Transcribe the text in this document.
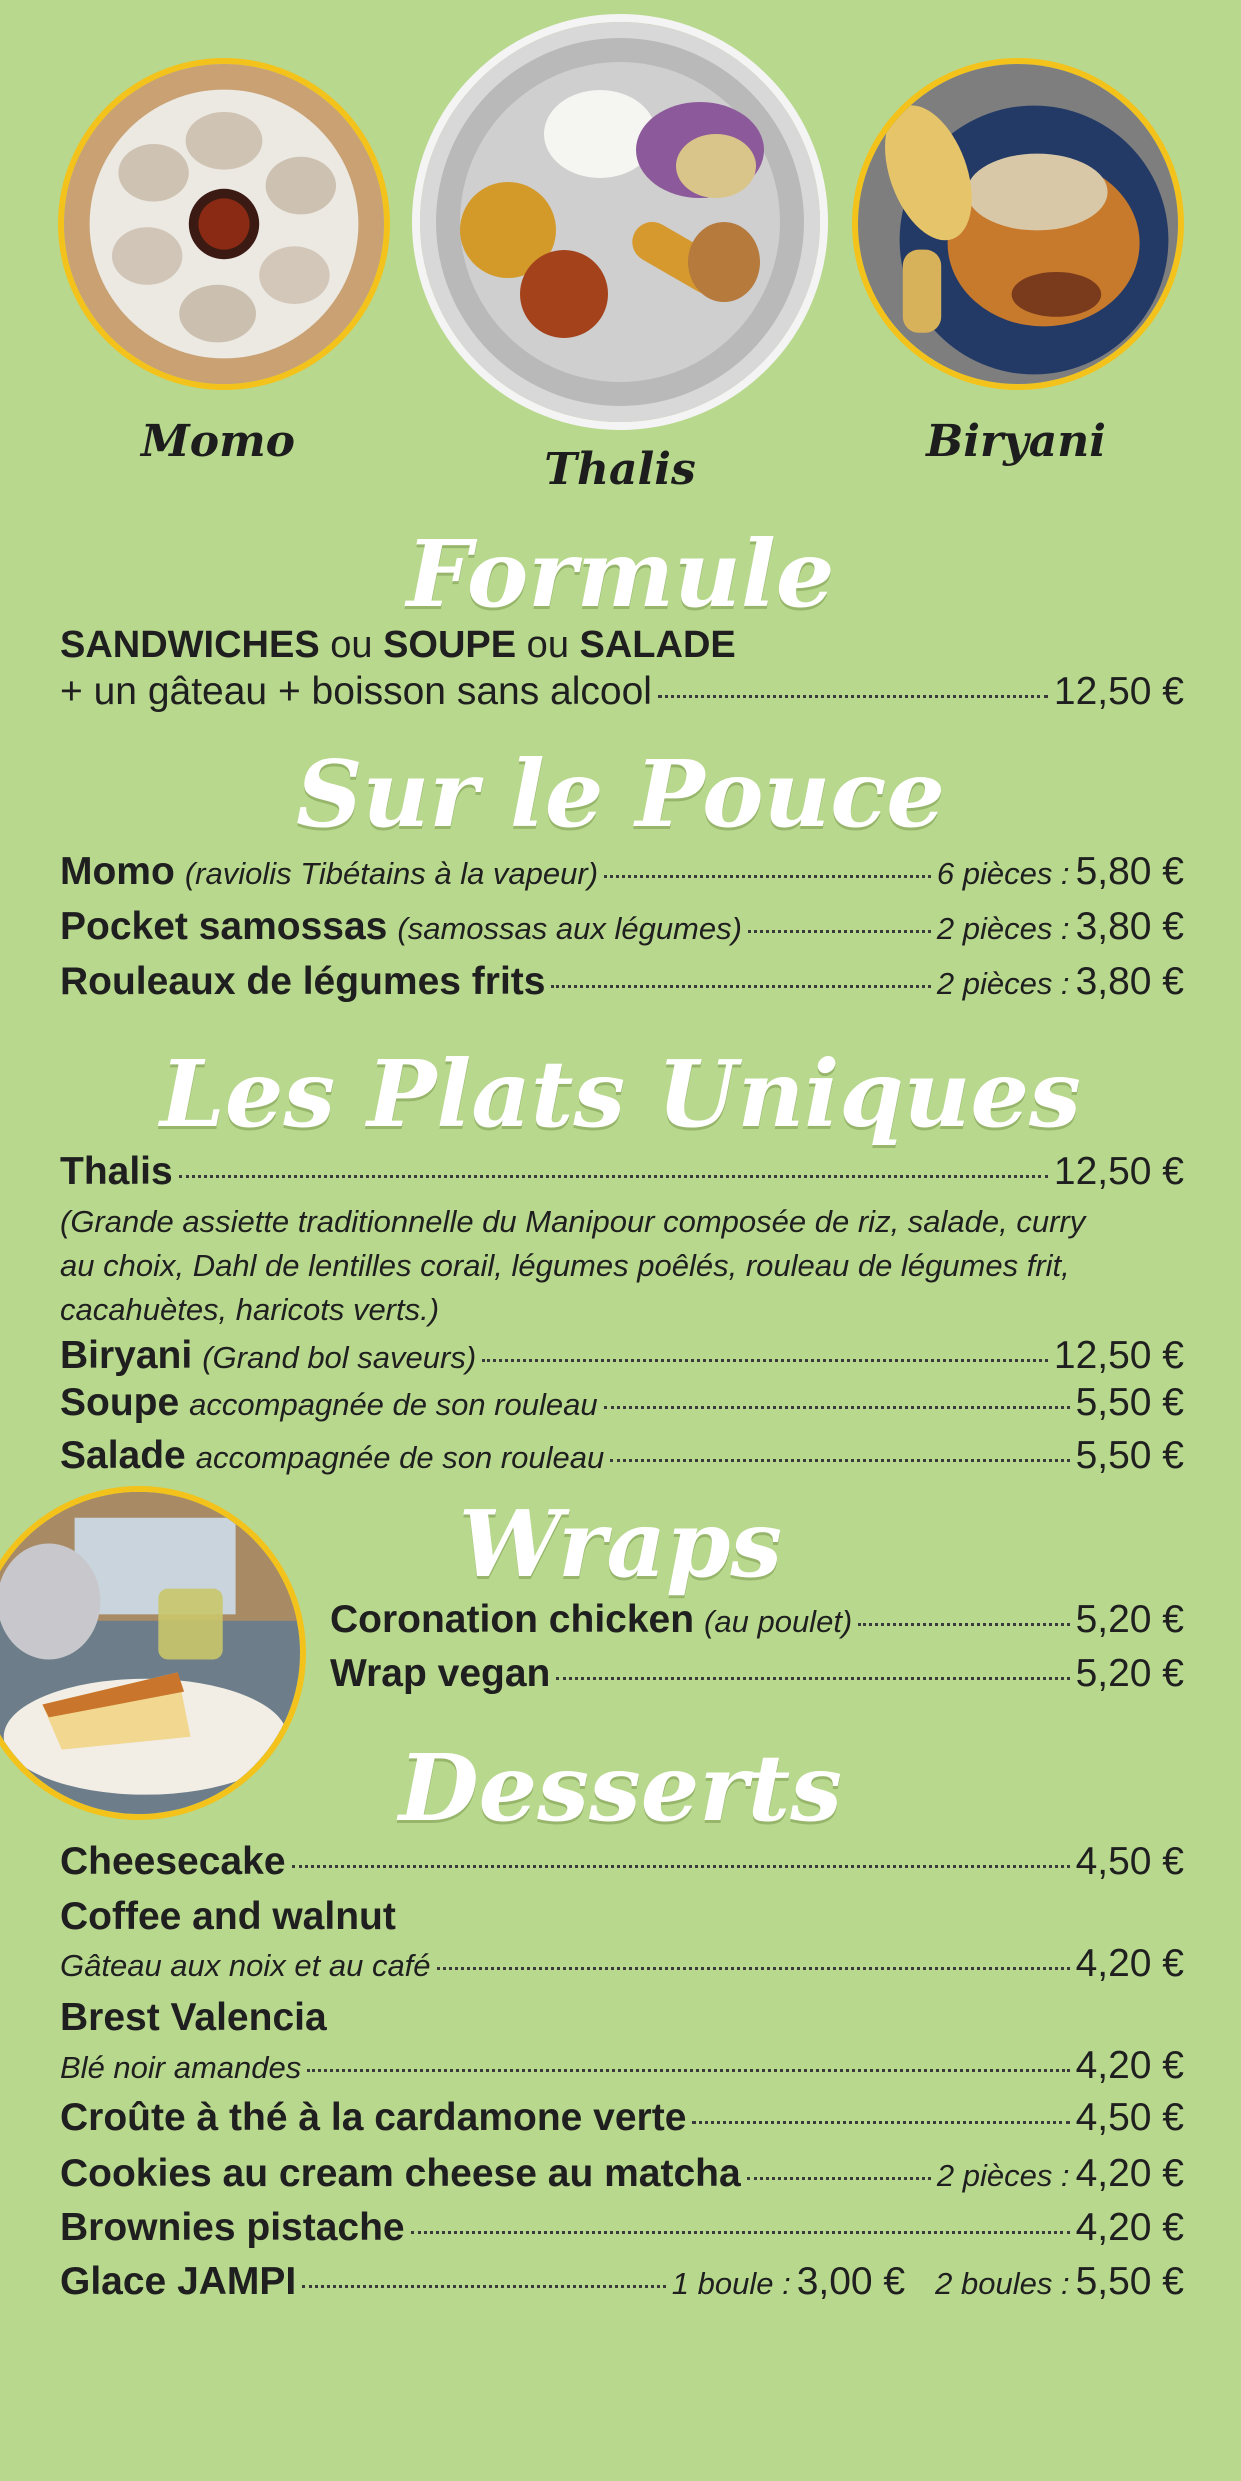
Momo
Thalis
Biryani
Formule
SANDWICHES ou SOUPE ou SALADE
+ un gâteau + boisson sans alcool	12,50 €
Sur le Pouce
Momo (raviolis Tibétains à la vapeur)	6 pièces : 5,80 €
Pocket samossas (samossas aux légumes)	2 pièces : 3,80 €
Rouleaux de légumes frits	2 pièces : 3,80 €
Les Plats Uniques
Thalis	12,50 €
(Grande assiette traditionnelle du Manipour composée de riz, salade, curry
au choix, Dahl de lentilles corail, légumes poêlés, rouleau de légumes frit,
cacahuètes, haricots verts.)
Biryani (Grand bol saveurs)	12,50 €
Soupe accompagnée de son rouleau	5,50 €
Salade accompagnée de son rouleau	5,50 €
Wraps
Coronation chicken (au poulet)	5,20 €
Wrap vegan	5,20 €
Desserts
Cheesecake	4,50 €
Coffee and walnut
Gâteau aux noix et au café	4,20 €
Brest Valencia
Blé noir amandes	4,20 €
Croûte à thé à la cardamone verte	4,50 €
Cookies au cream cheese au matcha	2 pièces : 4,20 €
Brownies pistache	4,20 €
Glace JAMPI	1 boule : 3,00 € 2 boules : 5,50 €
